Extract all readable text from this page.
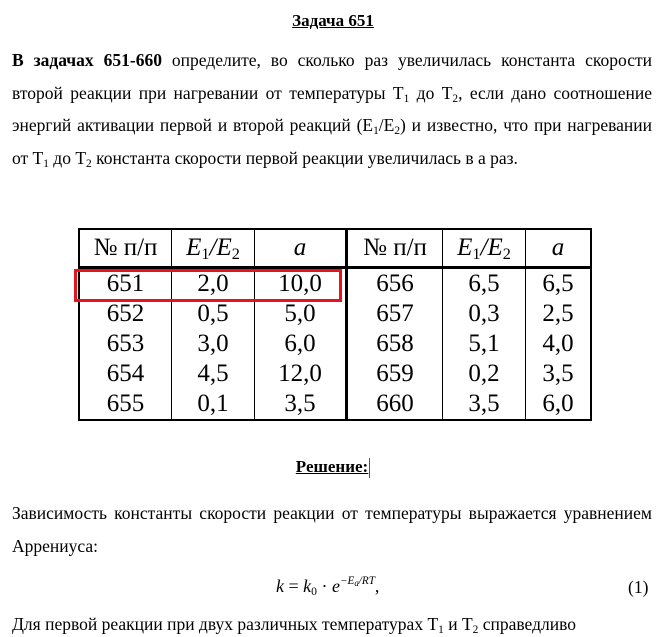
Задача 651

В задачах 651-660 определите, во сколько раз увеличилась константа скорости второй реакции при нагревании от температуры $Т_1$ до $Т_2$, если дано соотношение энергий активации первой и второй реакций $(Е_1/Е_2)$ и известно, что при нагревании от $Т_1$ до $Т_2$ константа скорости первой реакции увеличилась в а раз.

№ п/п	$E_1/E_2$	a	№ п/п	$E_1/E_2$	a
651	2,0	10,0	656	6,5	6,5
652	0,5	5,0	657	0,3	2,5
653	3,0	6,0	658	5,1	4,0
654	4,5	12,0	659	0,2	3,5
655	0,1	3,5	660	3,5	6,0
Решение:

Зависимость константы скорости реакции от температуры выражается уравнением Аррениуса:

$k = k_0 \cdot e^{-E_a/RT}$,	(1)

Для первой реакции при двух различных температурах $Т_1$ и $Т_2$ справедливо
